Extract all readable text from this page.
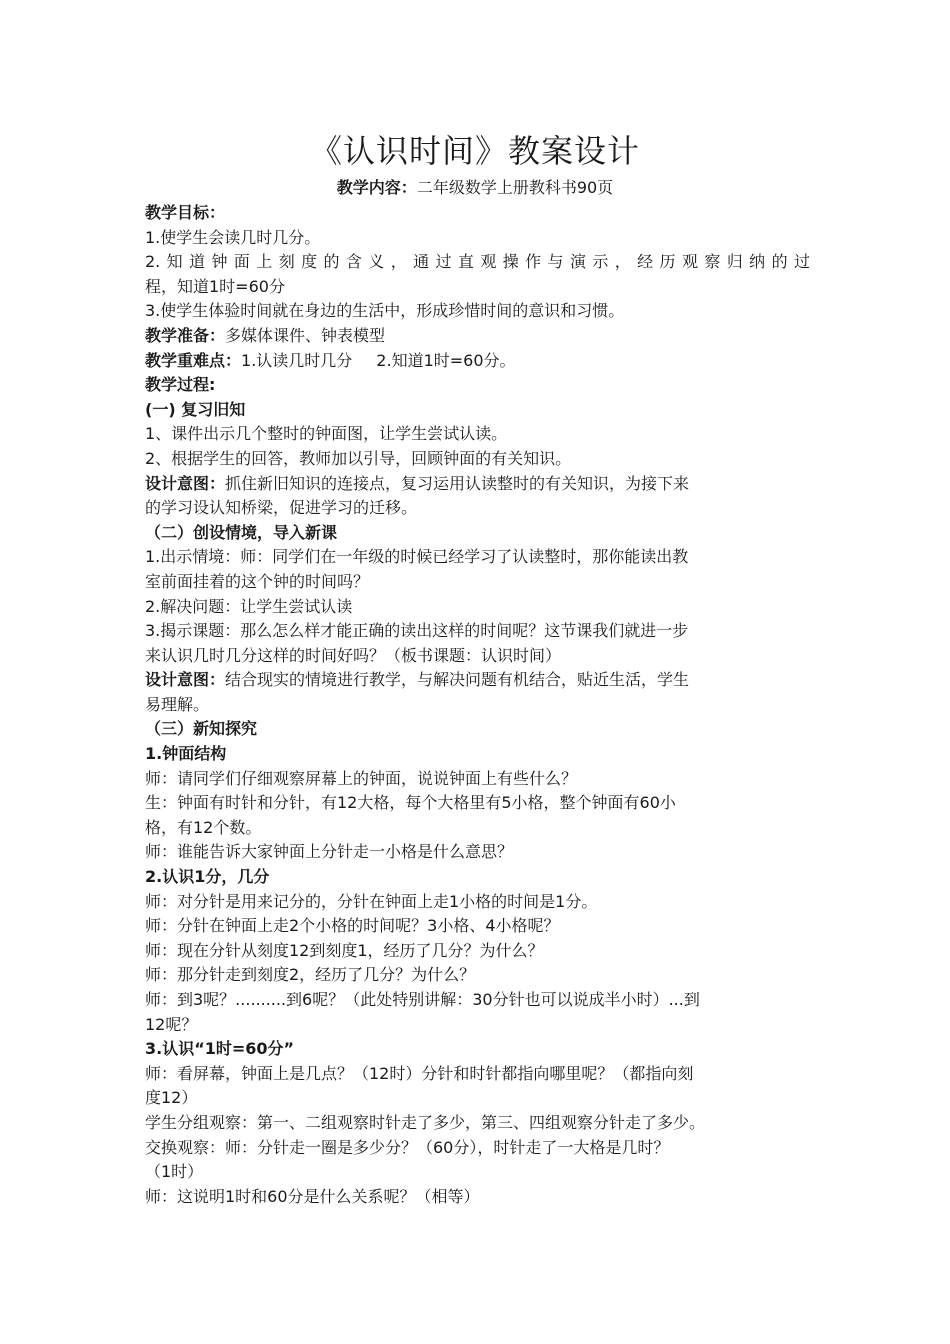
《认识时间》教案设计
教学内容：二年级数学上册教科书90页
教学目标：
1.使学生会读几时几分。
2.知道钟面上刻度的含义，通过直观操作与演示，经历观察归纳的过
程，知道1时=60分
3.使学生体验时间就在身边的生活中，形成珍惜时间的意识和习惯。
教学准备：多媒体课件、钟表模型
教学重难点：1.认读几时几分 2.知道1时=60分。
教学过程:
(一) 复习旧知
1、课件出示几个整时的钟面图，让学生尝试认读。
2、根据学生的回答，教师加以引导，回顾钟面的有关知识。
设计意图：抓住新旧知识的连接点，复习运用认读整时的有关知识，为接下来
的学习设认知桥梁，促进学习的迁移。
（二）创设情境，导入新课
1.出示情境：师：同学们在一年级的时候已经学习了认读整时，那你能读出教
室前面挂着的这个钟的时间吗？
2.解决问题：让学生尝试认读
3.揭示课题：那么怎么样才能正确的读出这样的时间呢？这节课我们就进一步
来认识几时几分这样的时间好吗？（板书课题：认识时间）
设计意图：结合现实的情境进行教学，与解决问题有机结合，贴近生活，学生
易理解。
（三）新知探究
1.钟面结构
师：请同学们仔细观察屏幕上的钟面，说说钟面上有些什么？
生：钟面有时针和分针，有12大格，每个大格里有5小格，整个钟面有60小
格，有12个数。
师：谁能告诉大家钟面上分针走一小格是什么意思？
2.认识1分，几分
师：对分针是用来记分的，分针在钟面上走1小格的时间是1分。
师：分针在钟面上走2个小格的时间呢？3小格、4小格呢？
师：现在分针从刻度12到刻度1，经历了几分？为什么？
师：那分针走到刻度2，经历了几分？为什么？
师：到3呢？..........到6呢？（此处特别讲解：30分针也可以说成半小时）...到
12呢？
3.认识“1时=60分”
师：看屏幕，钟面上是几点？（12时）分针和时针都指向哪里呢？（都指向刻
度12）
学生分组观察：第一、二组观察时针走了多少，第三、四组观察分针走了多少。
交换观察：师：分针走一圈是多少分？（60分），时针走了一大格是几时？
（1时）
师：这说明1时和60分是什么关系呢？（相等）
